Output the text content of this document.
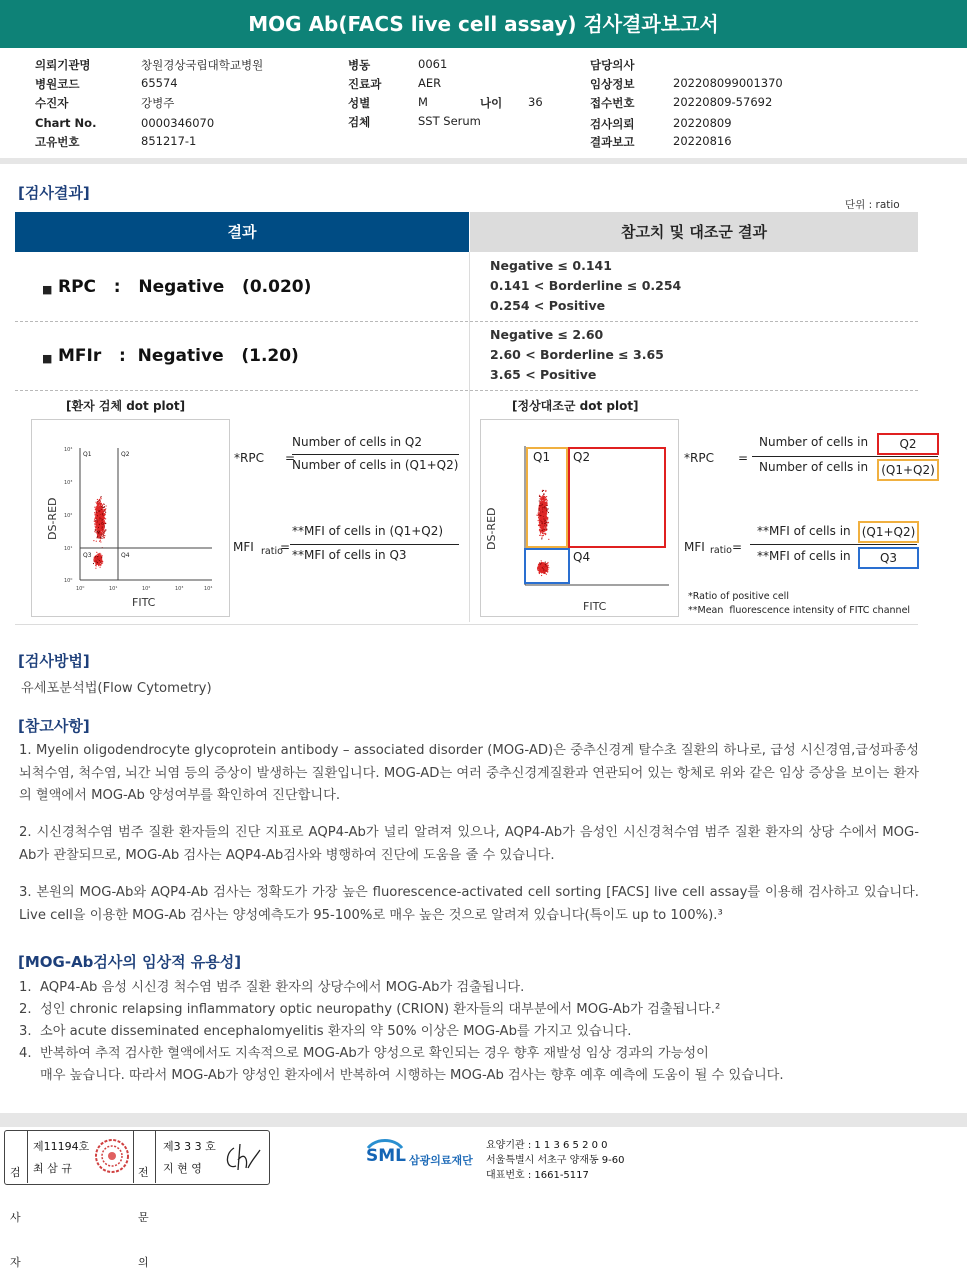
MOG Ab(FACS live cell assay) 검사결과보고서
의뢰기관명	창원경상국립대학교병원
병원코드	65574
수진자	강병주
Chart No.	0000346070
고유번호	851217-1
병동	0061
진료과	AER
성별	M	나이 36
검체	SST Serum
담당의사
임상정보	202208099001370
접수번호	20220809-57692
검사의뢰	20220809
결과보고	20220816
[검사결과]
단위 : ratio
결과	참고치 및 대조군 결과
■ RPC   :   Negative   (0.020)
Negative ≤ 0.141
0.141 < Borderline ≤ 0.254
0.254 < Positive
■ MFIr   :  Negative   (1.20)
Negative ≤ 2.60
2.60 < Borderline ≤ 3.65
3.65 < Positive
[환자 검체 dot plot]
Q1	Q2
Q3	Q4
10⁴
10³
10²
10¹
10⁰
10⁰	10¹	10²	10³	10⁴
FITC
DS-RED
*RPC =
Number of cells in Q2
Number of cells in (Q1+Q2)
MFI ratio
=
**MFI of cells in (Q1+Q2)
**MFI of cells in Q3
[정상대조군 dot plot]
Q1 Q2
Q4
FITC
DS-RED
*RPC =
Number of cells in	Q2
Number of cells in	(Q1+Q2)
MFI ratio =
**MFI of cells in (Q1+Q2)
**MFI of cells in	Q3
*Ratio of positive cell
**Mean  fluorescence intensity of FITC channel
[검사방법]
유세포분석법(Flow Cytometry)
[참고사항]
1. Myelin oligodendrocyte glycoprotein antibody – associated disorder (MOG-AD)은 중추신경계 탈수초 질환의 하나로, 급성 시신경염,급성파종성 뇌척수염, 척수염, 뇌간 뇌염 등의 증상이 발생하는 질환입니다. MOG-AD는 여러 중추신경계질환과 연관되어 있는 항체로 위와 같은 임상 증상을 보이는 환자의 혈액에서 MOG-Ab 양성여부를 확인하여 진단합니다.
2. 시신경척수염 범주 질환 환자들의 진단 지표로 AQP4-Ab가 널리 알려져 있으나, AQP4-Ab가 음성인 시신경척수염 범주 질환 환자의 상당 수에서 MOG-Ab가 관찰되므로, MOG-Ab 검사는 AQP4-Ab검사와 병행하여 진단에 도움을 줄 수 있습니다.
3. 본원의 MOG-Ab와 AQP4-Ab 검사는 정확도가 가장 높은 fluorescence-activated cell sorting [FACS] live cell assay를 이용해 검사하고 있습니다. Live cell을 이용한 MOG-Ab 검사는 양성예측도가 95-100%로 매우 높은 것으로 알려져 있습니다(특이도 up to 100%).³
[MOG-Ab검사의 임상적 유용성]
1.  AQP4-Ab 음성 시신경 척수염 범주 질환 환자의 상당수에서 MOG-Ab가 검출됩니다.
2.  성인 chronic relapsing inflammatory optic neuropathy (CRION) 환자들의 대부분에서 MOG-Ab가 검출됩니다.²
3.  소아 acute disseminated encephalomyelitis 환자의 약 50% 이상은 MOG-Ab를 가지고 있습니다.
4.  반복하여 추적 검사한 혈액에서도 지속적으로 MOG-Ab가 양성으로 확인되는 경우 향후 재발성 임상 경과의 가능성이
매우 높습니다. 따라서 MOG-Ab가 양성인 환자에서 반복하여 시행하는 MOG-Ab 검사는 향후 예후 예측에 도움이 될 수 있습니다.

검

사

자

제11194호
최 삼 규

	전

문

의

제3 3 3 호
지 현 영
SML 삼광의료재단
요양기관 : 1 1 3 6 5 2 0 0
서울특별시 서초구 양재동 9-60
대표번호 : 1661-5117
